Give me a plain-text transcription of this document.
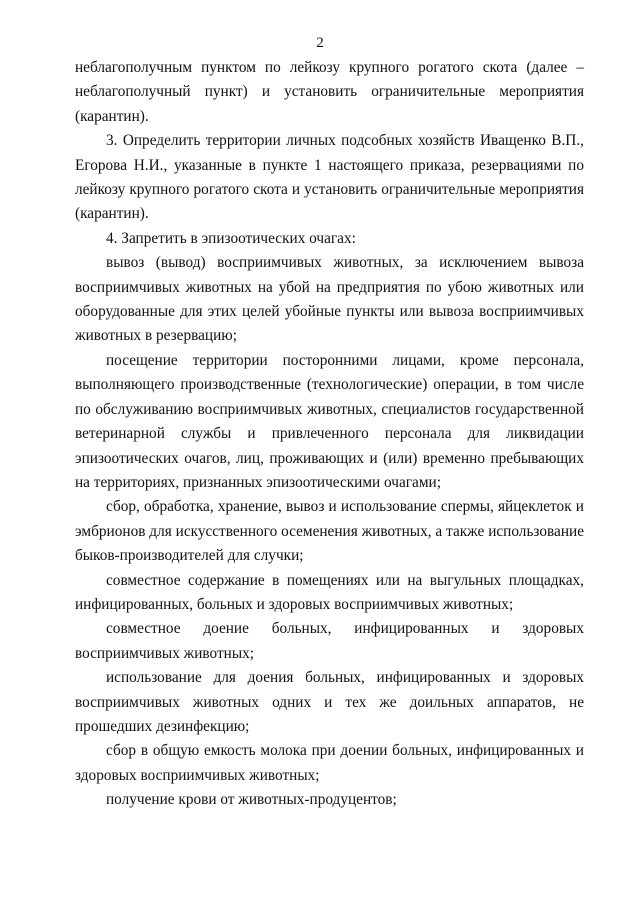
2

неблагополучным пунктом по лейкозу крупного рогатого скота (далее – неблагополучный пункт) и установить ограничительные мероприятия (карантин).

3. Определить территории личных подсобных хозяйств Иващенко В.П., Егорова Н.И., указанные в пункте 1 настоящего приказа, резервациями по лейкозу крупного рогатого скота и установить ограничительные мероприятия (карантин).

4. Запретить в эпизоотических очагах:

вывоз (вывод) восприимчивых животных, за исключением вывоза восприимчивых животных на убой на предприятия по убою животных или оборудованные для этих целей убойные пункты или вывоза восприимчивых животных в резервацию;

посещение территории посторонними лицами, кроме персонала, выполняющего производственные (технологические) операции, в том числе по обслуживанию восприимчивых животных, специалистов государственной ветеринарной службы и привлеченного персонала для ликвидации эпизоотических очагов, лиц, проживающих и (или) временно пребывающих на территориях, признанных эпизоотическими очагами;

сбор, обработка, хранение, вывоз и использование спермы, яйцеклеток и эмбрионов для искусственного осеменения животных, а также использование быков-производителей для случки;

совместное содержание в помещениях или на выгульных площадках, инфицированных, больных и здоровых восприимчивых животных;

совместное доение больных, инфицированных и здоровых восприимчивых животных;

использование для доения больных, инфицированных и здоровых восприимчивых животных одних и тех же доильных аппаратов, не прошедших дезинфекцию;

сбор в общую емкость молока при доении больных, инфицированных и здоровых восприимчивых животных;

получение крови от животных-продуцентов;
